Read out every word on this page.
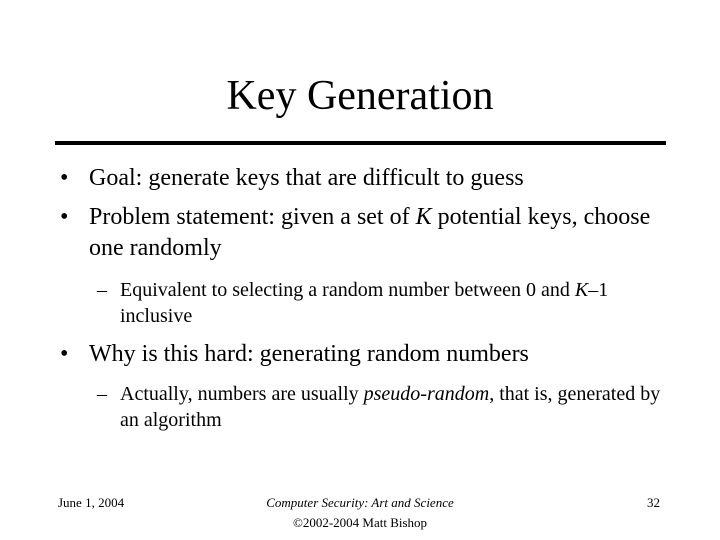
Key Generation
• Goal: generate keys that are difficult to guess
• Problem statement: given a set of K potential keys, choose one randomly
– Equivalent to selecting a random number between 0 and K–1 inclusive
• Why is this hard: generating random numbers
– Actually, numbers are usually pseudo-random, that is, generated by an algorithm
June 1, 2004	Computer Security: Art and Science
©2002-2004 Matt Bishop
32
